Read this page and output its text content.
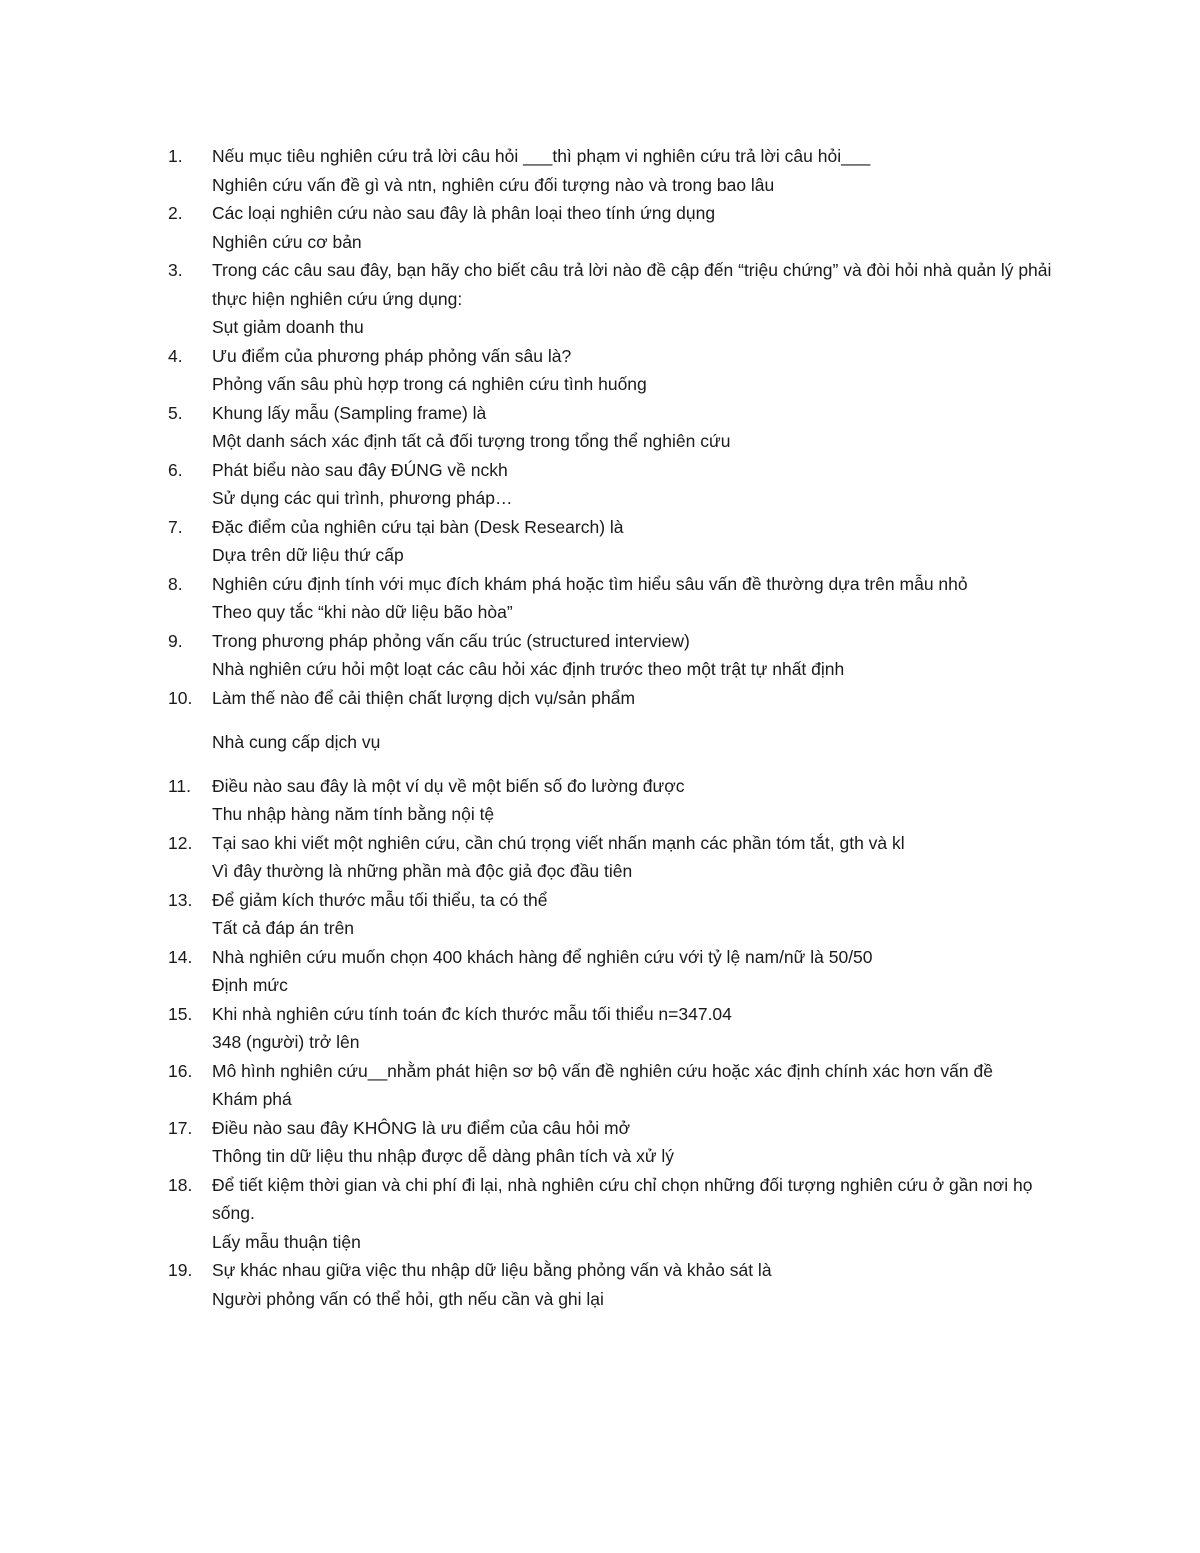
1.	Nếu mục tiêu nghiên cứu trả lời câu hỏi ___thì phạm vi nghiên cứu trả lời câu hỏi___
Nghiên cứu vấn đề gì và ntn, nghiên cứu đối tượng nào và trong bao lâu
2.	Các loại nghiên cứu nào sau đây là phân loại theo tính ứng dụng
Nghiên cứu cơ bản
3.	Trong các câu sau đây, bạn hãy cho biết câu trả lời nào đề cập đến “triệu chứng” và đòi hỏi nhà quản lý phải thực hiện nghiên cứu ứng dụng:
Sụt giảm doanh thu
4.	Ưu điểm của phương pháp phỏng vấn sâu là?
Phỏng vấn sâu phù hợp trong cá nghiên cứu tình huống
5.	Khung lấy mẫu (Sampling frame) là
Một danh sách xác định tất cả đối tượng trong tổng thể nghiên cứu
6.	Phát biểu nào sau đây ĐÚNG về nckh
Sử dụng các qui trình, phương pháp…
7.	Đặc điểm của nghiên cứu tại bàn (Desk Research) là
Dựa trên dữ liệu thứ cấp
8.	Nghiên cứu định tính với mục đích khám phá hoặc tìm hiểu sâu vấn đề thường dựa trên mẫu nhỏ
Theo quy tắc “khi nào dữ liệu bão hòa”
9.	Trong phương pháp phỏng vấn cấu trúc (structured interview)
Nhà nghiên cứu hỏi một loạt các câu hỏi xác định trước theo một trật tự nhất định
10.	Làm thế nào để cải thiện chất lượng dịch vụ/sản phẩm
Nhà cung cấp dịch vụ
11.	Điều nào sau đây là một ví dụ về một biến số đo lường được
Thu nhập hàng năm tính bằng nội tệ
12.	Tại sao khi viết một nghiên cứu, cần chú trọng viết nhấn mạnh các phần tóm tắt, gth và kl
Vì đây thường là những phần mà độc giả đọc đầu tiên
13.	Để giảm kích thước mẫu tối thiểu, ta có thể
Tất cả đáp án trên
14.	Nhà nghiên cứu muốn chọn 400 khách hàng để nghiên cứu với tỷ lệ nam/nữ là 50/50
Định mức
15.	Khi nhà nghiên cứu tính toán đc kích thước mẫu tối thiểu n=347.04
348 (người) trở lên
16.	Mô hình nghiên cứu__nhằm phát hiện sơ bộ vấn đề nghiên cứu hoặc xác định chính xác hơn vấn đề
Khám phá
17.	Điều nào sau đây KHÔNG là ưu điểm của câu hỏi mở
Thông tin dữ liệu thu nhập được dễ dàng phân tích và xử lý
18.	Để tiết kiệm thời gian và chi phí đi lại, nhà nghiên cứu chỉ chọn những đối tượng nghiên cứu ở gần nơi họ sống.
Lấy mẫu thuận tiện
19.	Sự khác nhau giữa việc thu nhập dữ liệu bằng phỏng vấn và khảo sát là
Người phỏng vấn có thể hỏi, gth nếu cần và ghi lại
